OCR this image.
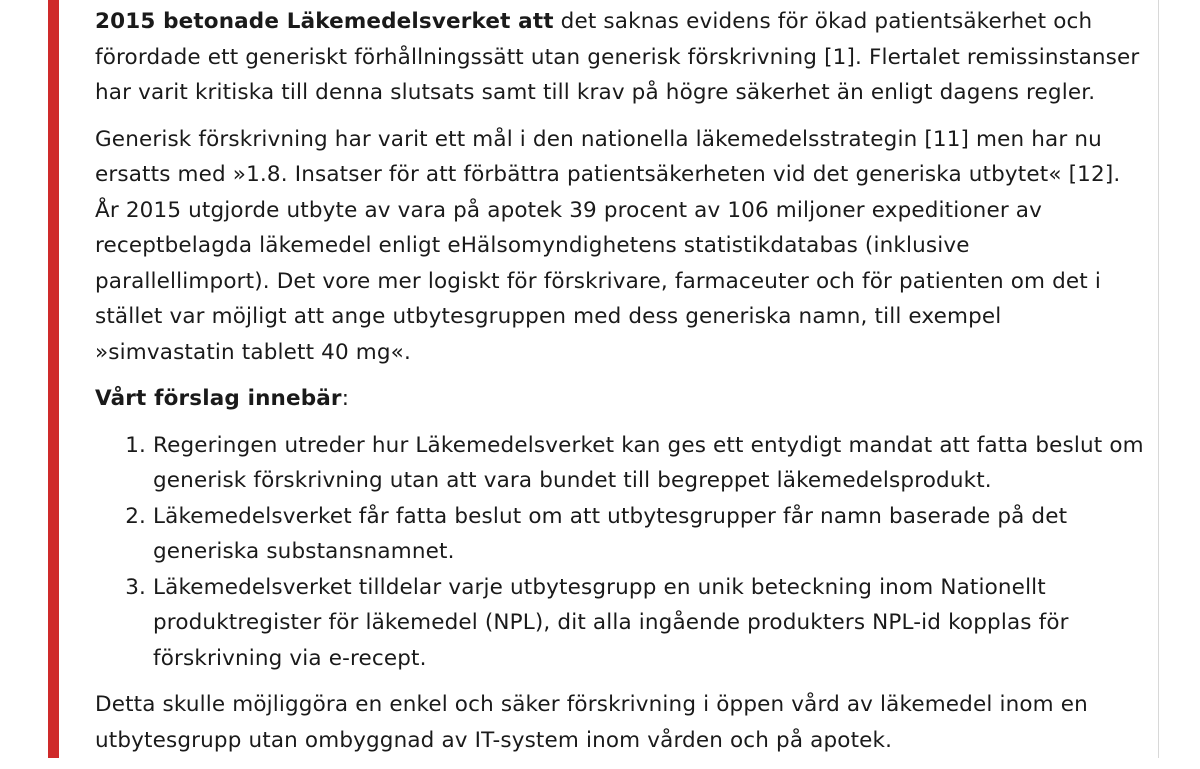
2015 betonade Läkemedelsverket att det saknas evidens för ökad patientsäkerhet och förordade ett generiskt förhållningssätt utan generisk förskrivning [1]. Flertalet remissinstanser har varit kritiska till denna slutsats samt till krav på högre säkerhet än enligt dagens regler.

Generisk förskrivning har varit ett mål i den nationella läkemedelsstrategin [11] men har nu ersatts med »1.8. Insatser för att förbättra patientsäkerheten vid det generiska utbytet« [12]. År 2015 utgjorde utbyte av vara på apotek 39 procent av 106 miljoner expeditioner av receptbelagda läkemedel enligt eHälsomyndighetens statistikdatabas (inklusive parallellimport). Det vore mer logiskt för förskrivare, farmaceuter och för patienten om det i stället var möjligt att ange utbytesgruppen med dess generiska namn, till exempel »simvastatin tablett 40 mg«.

Vårt förslag innebär:

1. Regeringen utreder hur Läkemedelsverket kan ges ett entydigt mandat att fatta beslut om generisk förskrivning utan att vara bundet till begreppet läkemedelsprodukt.
2. Läkemedelsverket får fatta beslut om att utbytesgrupper får namn baserade på det generiska substansnamnet.
3. Läkemedelsverket tilldelar varje utbytesgrupp en unik beteckning inom Nationellt produktregister för läkemedel (NPL), dit alla ingående produkters NPL-id kopplas för förskrivning via e-recept.

Detta skulle möjliggöra en enkel och säker förskrivning i öppen vård av läkemedel inom en utbytesgrupp utan ombyggnad av IT-system inom vården och på apotek.
